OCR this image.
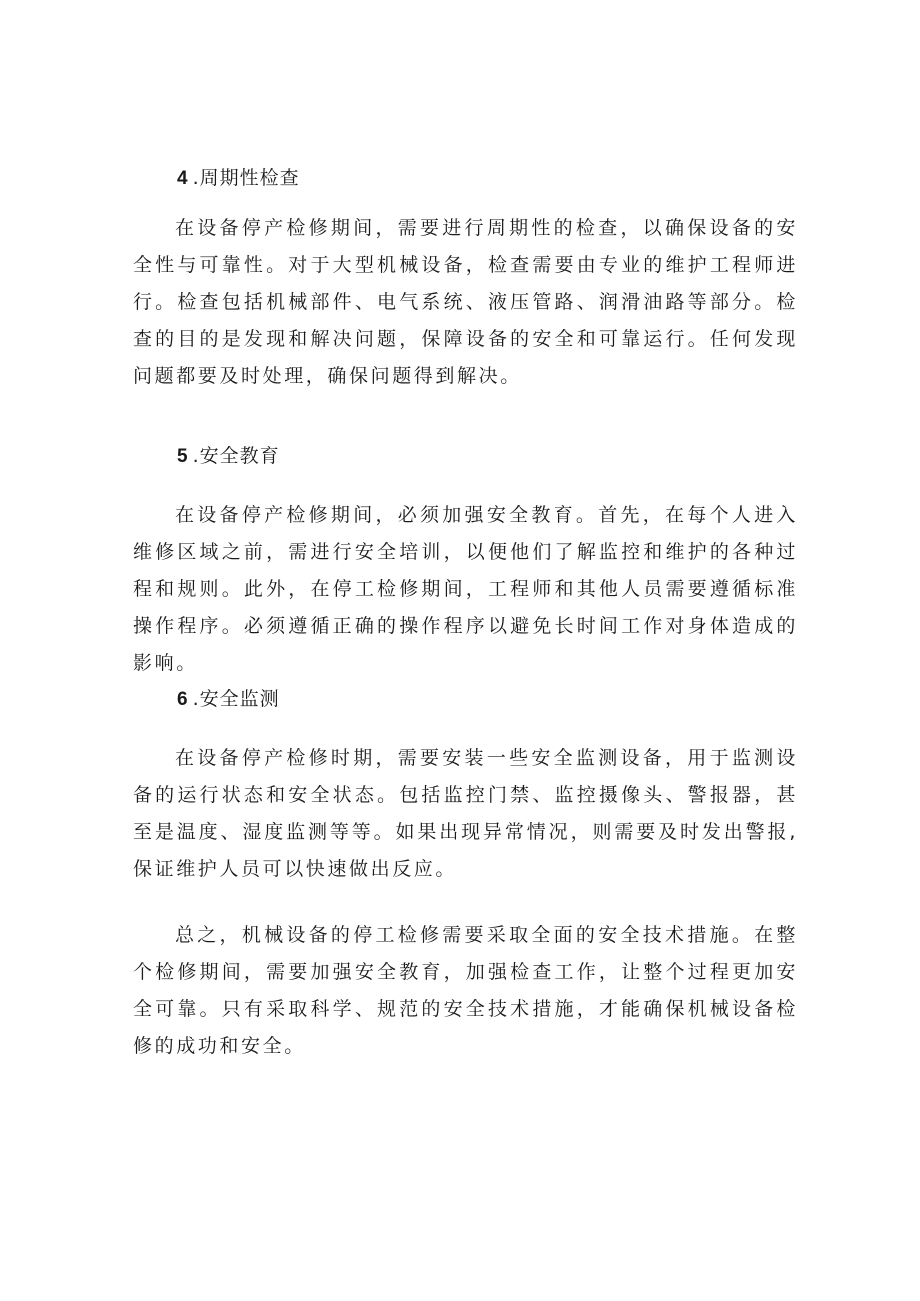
4 .周期性检查

在设备停产检修期间，需要进行周期性的检查，以确保设备的安全性与可靠性。对于大型机械设备，检查需要由专业的维护工程师进行。检查包括机械部件、电气系统、液压管路、润滑油路等部分。检查的目的是发现和解决问题，保障设备的安全和可靠运行。任何发现问题都要及时处理，确保问题得到解决。

5 .安全教育

在设备停产检修期间，必须加强安全教育。首先，在每个人进入维修区域之前，需进行安全培训，以便他们了解监控和维护的各种过程和规则。此外，在停工检修期间，工程师和其他人员需要遵循标准操作程序。必须遵循正确的操作程序以避免长时间工作对身体造成的影响。

6 .安全监测

在设备停产检修时期，需要安装一些安全监测设备，用于监测设备的运行状态和安全状态。包括监控门禁、监控摄像头、警报器，甚至是温度、湿度监测等等。如果出现异常情况，则需要及时发出警报,保证维护人员可以快速做出反应。

总之，机械设备的停工检修需要采取全面的安全技术措施。在整个检修期间，需要加强安全教育，加强检查工作，让整个过程更加安全可靠。只有采取科学、规范的安全技术措施，才能确保机械设备检修的成功和安全。
